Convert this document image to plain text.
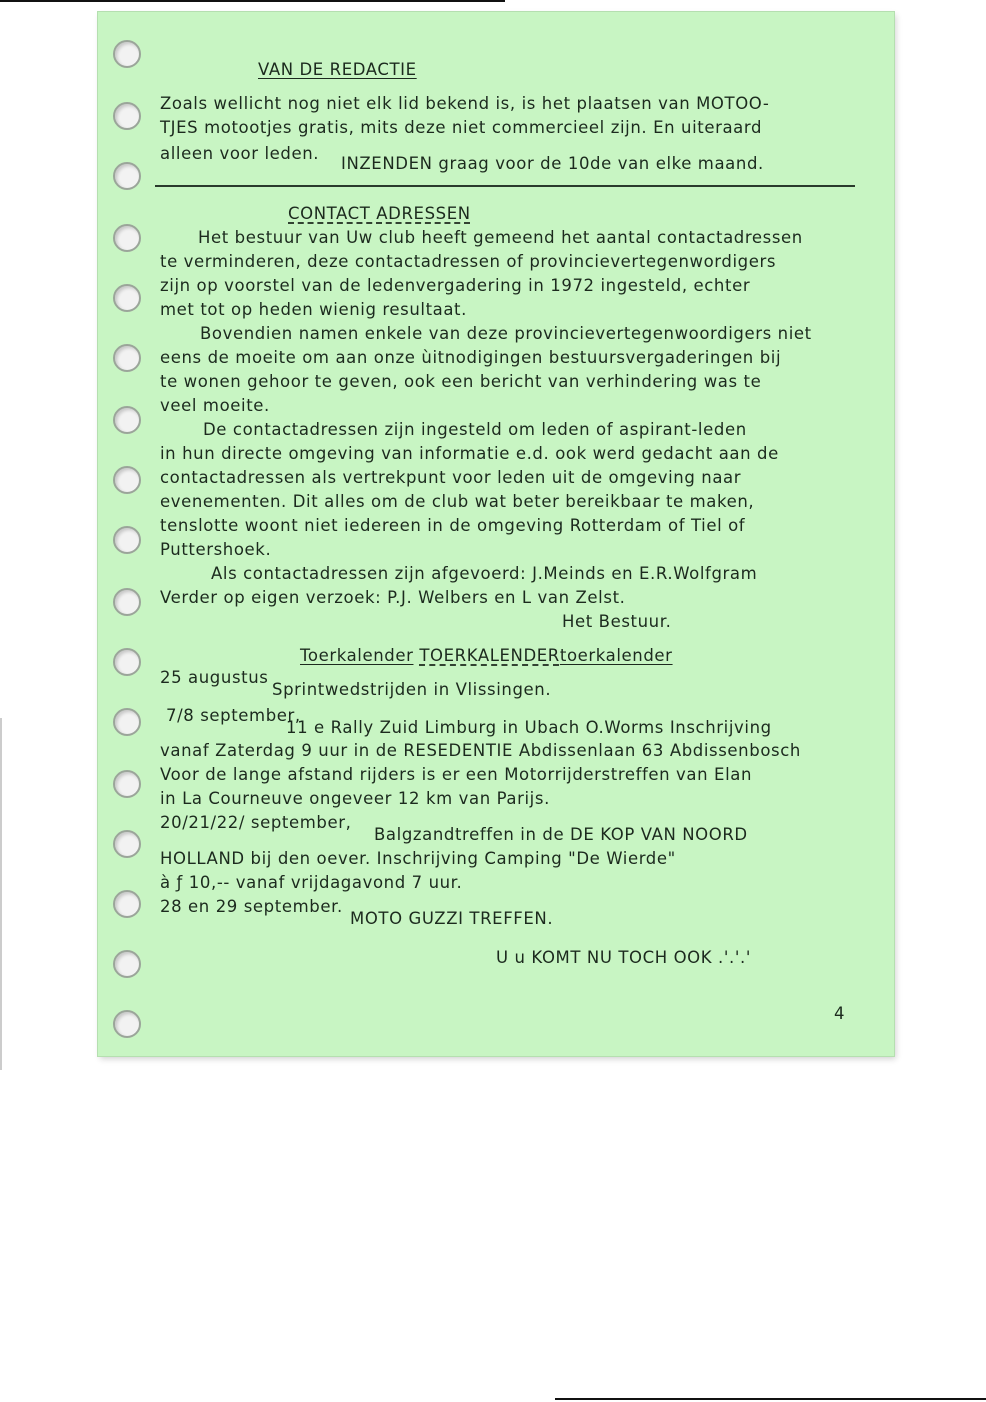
VAN DE REDACTIE
Zoals wellicht nog niet elk lid bekend is, is het plaatsen van MOTOO-
TJES motootjes gratis, mits deze niet commercieel zijn. En uiteraard
alleen voor leden.
INZENDEN graag voor de 10de van elke maand.
CONTACT ADRESSEN
Het bestuur van Uw club heeft gemeend het aantal contactadressen
te verminderen, deze contactadressen of provincievertegenwordigers
zijn op voorstel van de ledenvergadering in 1972 ingesteld, echter
met tot op heden wienig resultaat.
Bovendien namen enkele van deze provincievertegenwoordigers niet
eens de moeite om aan onze ùitnodigingen bestuursvergaderingen bij
te wonen gehoor te geven, ook een bericht van verhindering was te
veel moeite.
De contactadressen zijn ingesteld om leden of aspirant-leden
in hun directe omgeving van informatie e.d. ook werd gedacht aan de
contactadressen als vertrekpunt voor leden uit de omgeving naar
evenementen. Dit alles om de club wat beter bereikbaar te maken,
tenslotte woont niet iedereen in de omgeving Rotterdam of Tiel of
Puttershoek.
Als contactadressen zijn afgevoerd: J.Meinds en E.R.Wolfgram
Verder op eigen verzoek: P.J. Welbers en L van Zelst.
Het Bestuur.
Toerkalender TOERKALENDERtoerkalender
25 augustus
Sprintwedstrijden in Vlissingen.
7/8 september,
11 e Rally Zuid Limburg in Ubach O.Worms Inschrijving
vanaf Zaterdag 9 uur in de RESEDENTIE Abdissenlaan 63 Abdissenbosch
Voor de lange afstand rijders is er een Motorrijderstreffen van Elan
in La Courneuve ongeveer 12 km van Parijs.
20/21/22/ september,
Balgzandtreffen in de DE KOP VAN NOORD
HOLLAND bij den oever. Inschrijving Camping "De Wierde"
à ƒ 10,-- vanaf vrijdagavond 7 uur.
28 en 29 september.
MOTO GUZZI TREFFEN.
U u KOMT NU TOCH OOK .'.'.'
4
